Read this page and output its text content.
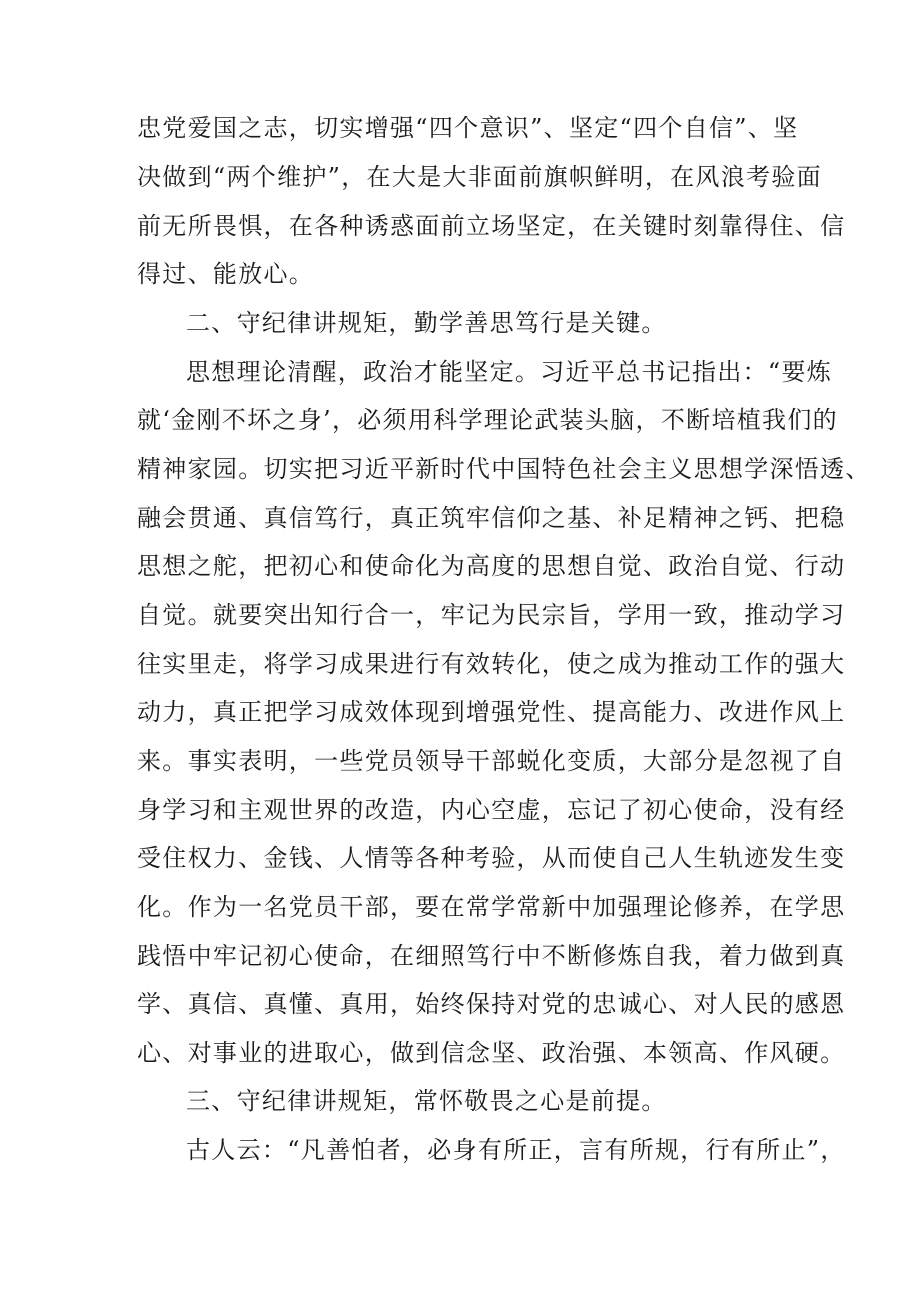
忠党爱国之志，切实增强“四个意识”、坚定“四个自信”、坚
决做到“两个维护”，在大是大非面前旗帜鲜明，在风浪考验面
前无所畏惧，在各种诱惑面前立场坚定，在关键时刻靠得住、信
得过、能放心。
二、守纪律讲规矩，勤学善思笃行是关键。
思想理论清醒，政治才能坚定。习近平总书记指出：“要炼
就‘金刚不坏之身’，必须用科学理论武装头脑，不断培植我们的
精神家园。切实把习近平新时代中国特色社会主义思想学深悟透、
融会贯通、真信笃行，真正筑牢信仰之基、补足精神之钙、把稳
思想之舵，把初心和使命化为高度的思想自觉、政治自觉、行动
自觉。就要突出知行合一，牢记为民宗旨，学用一致，推动学习
往实里走，将学习成果进行有效转化，使之成为推动工作的强大
动力，真正把学习成效体现到增强党性、提高能力、改进作风上
来。事实表明，一些党员领导干部蜕化变质，大部分是忽视了自
身学习和主观世界的改造，内心空虚，忘记了初心使命，没有经
受住权力、金钱、人情等各种考验，从而使自己人生轨迹发生变
化。作为一名党员干部，要在常学常新中加强理论修养，在学思
践悟中牢记初心使命，在细照笃行中不断修炼自我，着力做到真
学、真信、真懂、真用，始终保持对党的忠诚心、对人民的感恩
心、对事业的进取心，做到信念坚、政治强、本领高、作风硬。
三、守纪律讲规矩，常怀敬畏之心是前提。
古人云：“凡善怕者，必身有所正，言有所规，行有所止”，
